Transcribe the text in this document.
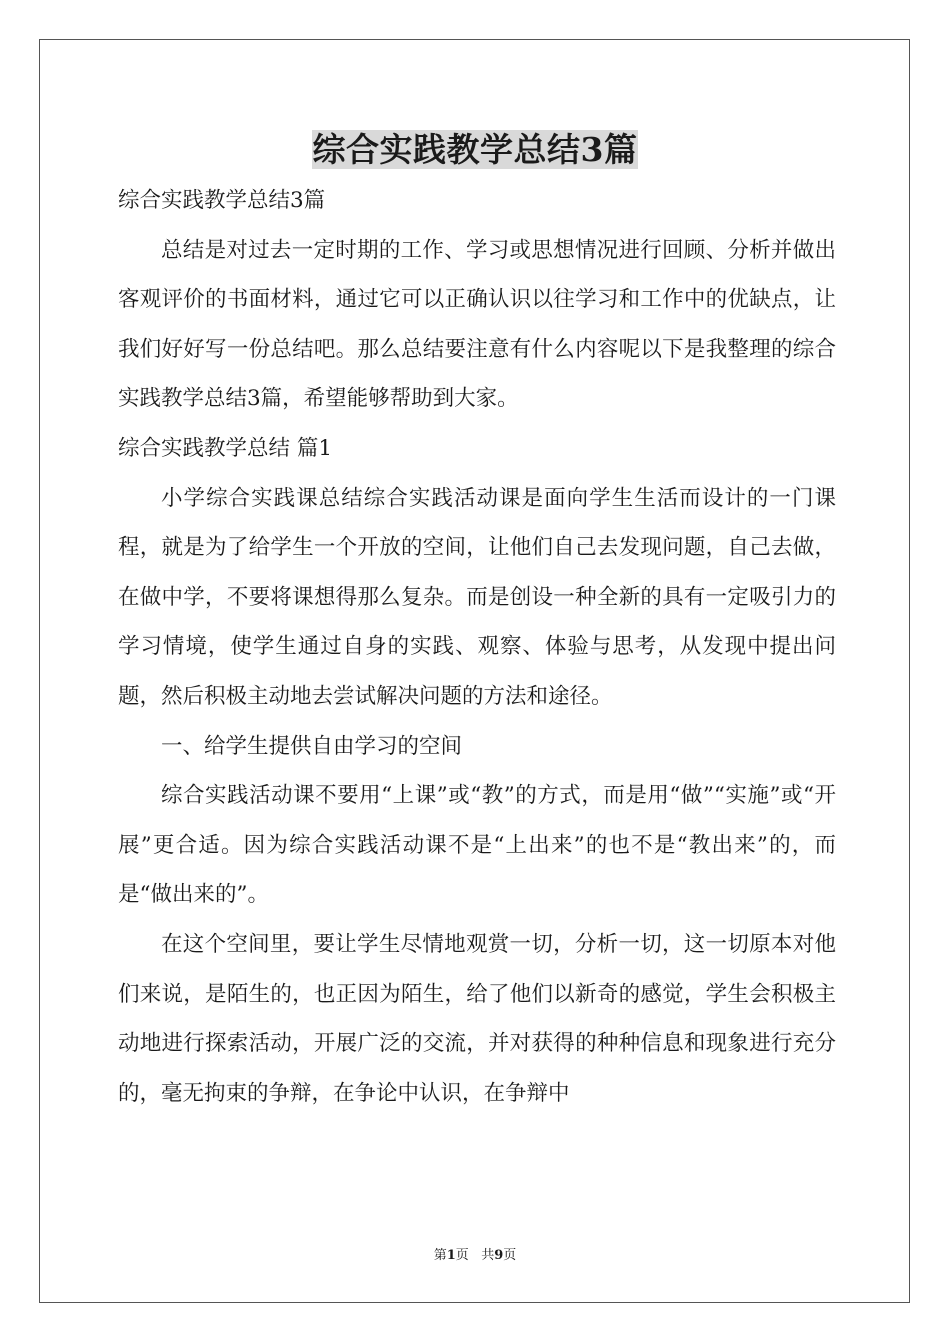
综合实践教学总结3篇

综合实践教学总结3篇

总结是对过去一定时期的工作、学习或思想情况进行回顾、分析并做出客观评价的书面材料，通过它可以正确认识以往学习和工作中的优缺点，让我们好好写一份总结吧。那么总结要注意有什么内容呢以下是我整理的综合实践教学总结3篇，希望能够帮助到大家。

综合实践教学总结 篇1

小学综合实践课总结综合实践活动课是面向学生生活而设计的一门课程，就是为了给学生一个开放的空间，让他们自己去发现问题，自己去做，在做中学，不要将课想得那么复杂。而是创设一种全新的具有一定吸引力的学习情境，使学生通过自身的实践、观察、体验与思考，从发现中提出问题，然后积极主动地去尝试解决问题的方法和途径。

一、给学生提供自由学习的空间

综合实践活动课不要用“上课”或“教”的方式，而是用“做”“实施”或“开展”更合适。因为综合实践活动课不是“上出来”的也不是“教出来”的，而是“做出来的”。

在这个空间里，要让学生尽情地观赏一切，分析一切，这一切原本对他们来说，是陌生的，也正因为陌生，给了他们以新奇的感觉，学生会积极主动地进行探索活动，开展广泛的交流，并对获得的种种信息和现象进行充分的，毫无拘束的争辩，在争论中认识，在争辩中

第1页 共9页
